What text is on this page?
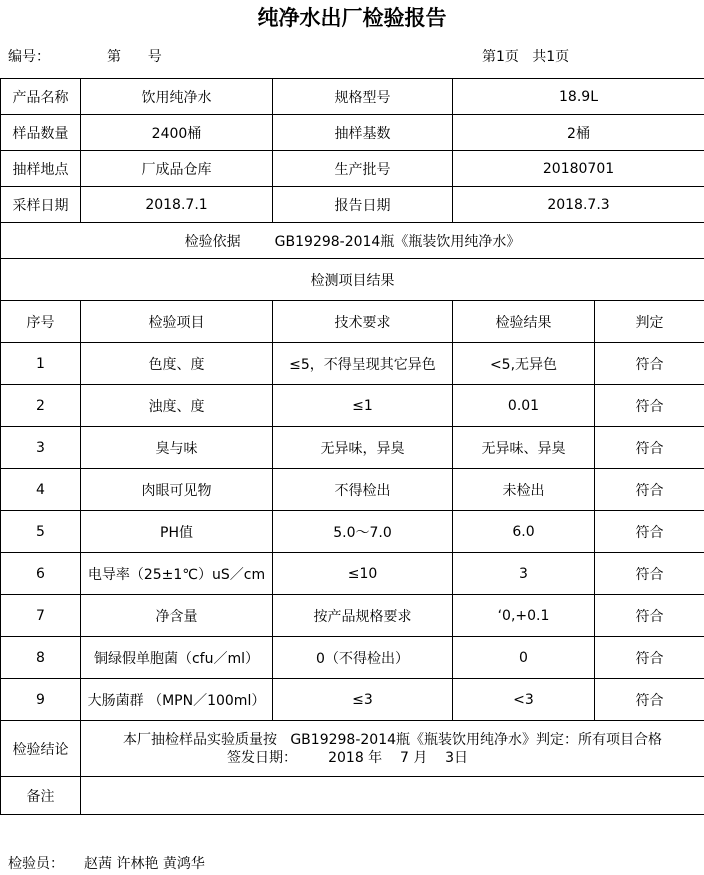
纯净水出厂检验报告
编号：	第      号	第1页   共1页
产品名称	饮用纯净水	规格型号	18.9L	
样品数量	2400桶	抽样基数	2桶	
抽样地点	厂成品仓库	生产批号	20180701	
采样日期	2018.7.1	报告日期	2018.7.3	
检验依据 GB19298-2014瓶《瓶装饮用纯净水》				
检测项目结果				
序号	检验项目	技术要求	检验结果	判定
1	色度、度	≤5，不得呈现其它异色	<5,无异色	符合
2	浊度、度	≤1	0.01	符合
3	臭与味	无异味，异臭	无异味、异臭	符合
4	肉眼可见物	不得检出	未检出	符合
5	PH值	5.0～7.0	6.0	符合
6	电导率（25±1℃）uS／cm	≤10	3	符合
7	净含量	按产品规格要求	‘0,+0.1	符合
8	铜绿假单胞菌（cfu／ml）	0（不得检出）	0	符合
9	大肠菌群 （MPN／100ml）	≤3	<3	符合
检验结论	本厂抽检样品实验质量按   GB19298-2014瓶《瓶装饮用纯净水》判定：所有项目合格
签发日期：       2018 年    7 月    3日			

备注				
检验员： 赵茜 许林艳 黄鸿华
